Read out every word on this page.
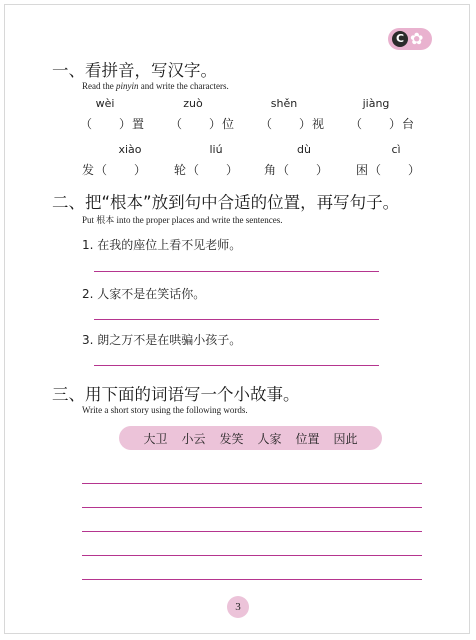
C ✿
一、看拼音，写汉字。
Read the pinyin and write the characters.
wèi	zuò	shěn	jiàng
（　　）置 （　　）位 （　　）视 （　　）台
xiào	liú	dù	cì
发（　　） 轮（　　） 角（　　） 困（　　）
二、把“根本”放到句中合适的位置，再写句子。
Put 根本 into the proper places and write the sentences.
1. 在我的座位上看不见老师。
2. 人家不是在笑话你。
3. 朗之万不是在哄骗小孩子。
三、用下面的词语写一个小故事。
Write a short story using the following words.
大卫 小云 发笑 人家 位置 因此
3
